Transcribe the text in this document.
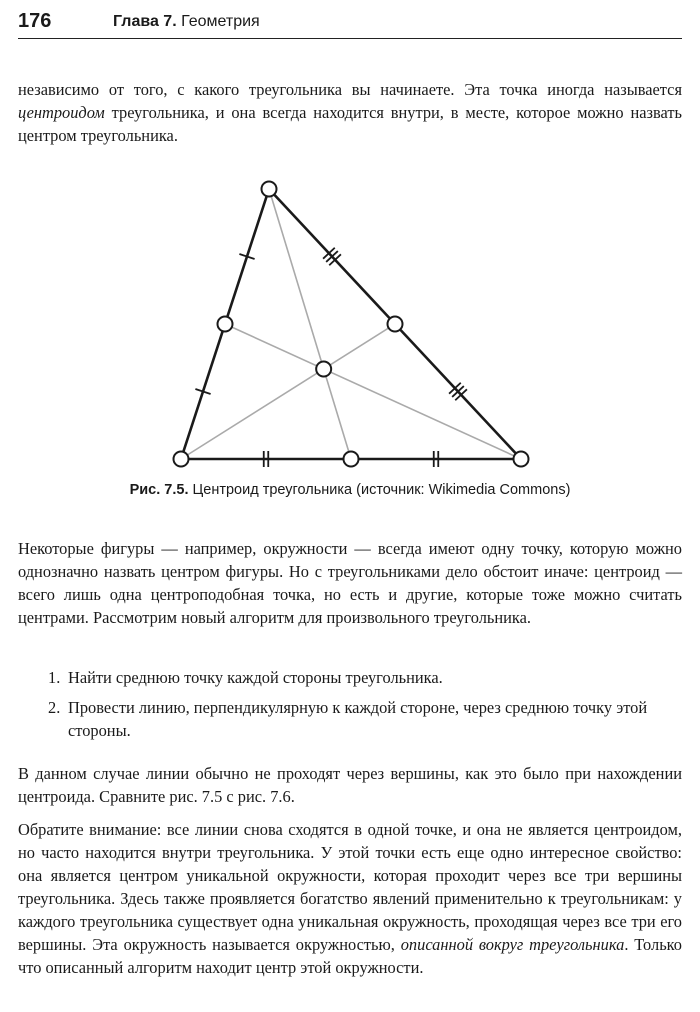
176	Глава 7. Геометрия

независимо от того, с какого треугольника вы начинаете. Эта точка иногда называется центроидом треугольника, и она всегда находится внутри, в месте, которое можно назвать центром треугольника.

Рис. 7.5. Центроид треугольника (источник: Wikimedia Commons)

Некоторые фигуры — например, окружности — всегда имеют одну точку, которую можно однозначно назвать центром фигуры. Но с треугольниками дело обстоит иначе: центроид — всего лишь одна центроподобная точка, но есть и другие, которые тоже можно считать центрами. Рассмотрим новый алгоритм для произвольного треугольника.

1. Найти среднюю точку каждой стороны треугольника.
2. Провести линию, перпендикулярную к каждой стороне, через среднюю точку этой стороны.

В данном случае линии обычно не проходят через вершины, как это было при нахождении центроида. Сравните рис. 7.5 с рис. 7.6.

Обратите внимание: все линии снова сходятся в одной точке, и она не является центроидом, но часто находится внутри треугольника. У этой точки есть еще одно интересное свойство: она является центром уникальной окружности, которая проходит через все три вершины треугольника. Здесь также проявляется богатство явлений применительно к треугольникам: у каждого треугольника существует одна уникальная окружность, проходящая через все три его вершины. Эта окружность называется окружностью, описанной вокруг треугольника. Только что описанный алгоритм находит центр этой окружности.
